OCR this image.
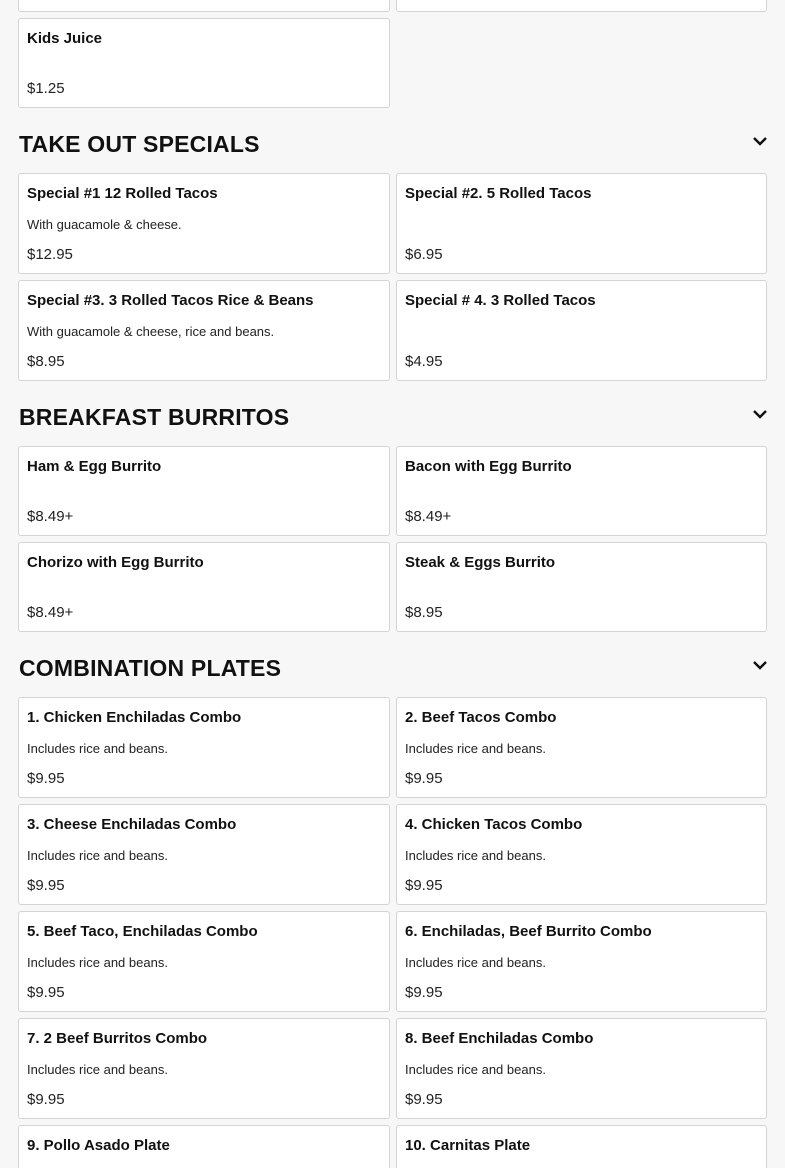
Kids Juice
$1.25
TAKE OUT SPECIALS
Special #1 12 Rolled Tacos
With guacamole & cheese.
$12.95
Special #2. 5 Rolled Tacos
$6.95
Special #3. 3 Rolled Tacos Rice & Beans
With guacamole & cheese, rice and beans.
$8.95
Special # 4. 3 Rolled Tacos
$4.95
BREAKFAST BURRITOS
Ham & Egg Burrito
$8.49+
Bacon with Egg Burrito
$8.49+
Chorizo with Egg Burrito
$8.49+
Steak & Eggs Burrito
$8.95
COMBINATION PLATES
1. Chicken Enchiladas Combo
Includes rice and beans.
$9.95
2. Beef Tacos Combo
Includes rice and beans.
$9.95
3. Cheese Enchiladas Combo
Includes rice and beans.
$9.95
4. Chicken Tacos Combo
Includes rice and beans.
$9.95
5. Beef Taco, Enchiladas Combo
Includes rice and beans.
$9.95
6. Enchiladas, Beef Burrito Combo
Includes rice and beans.
$9.95
7. 2 Beef Burritos Combo
Includes rice and beans.
$9.95
8. Beef Enchiladas Combo
Includes rice and beans.
$9.95
9. Pollo Asado Plate	10. Carnitas Plate
